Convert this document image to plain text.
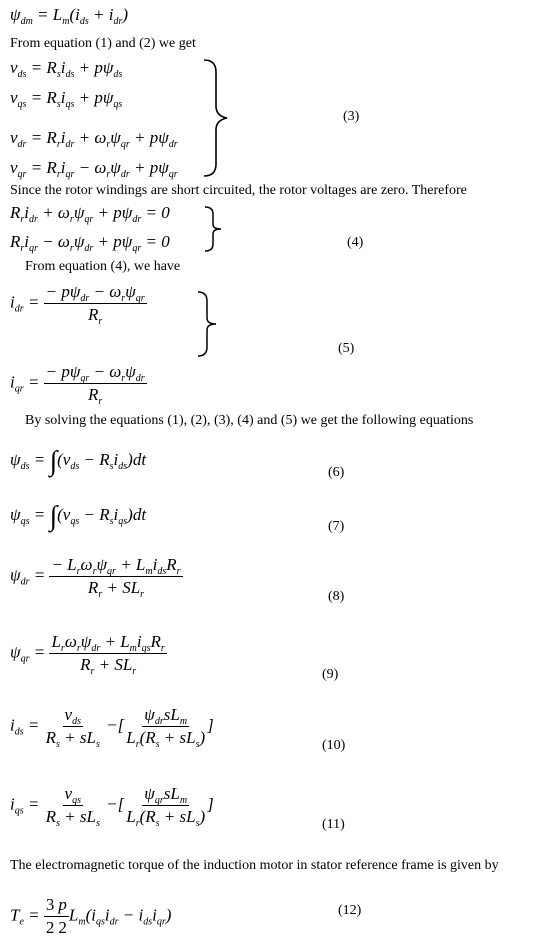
$\psi_{dm} = L_m(i_{ds} + i_{dr})$
From equation (1) and (2) we get
$v_{ds} = R_si_{ds} + p\psi_{ds}$
$v_{qs} = R_si_{qs} + p\psi_{qs}$
$v_{dr} = R_ri_{dr} + \omega_r\psi_{qr} + p\psi_{dr}$
$v_{qr} = R_ri_{qr} - \omega_r\psi_{dr} + p\psi_{qr}$
(3)
Since the rotor windings are short circuited, the rotor voltages are zero. Therefore
$R_ri_{dr} + \omega_r\psi_{qr} + p\psi_{dr} = 0$
$R_ri_{qr} - \omega_r\psi_{dr} + p\psi_{qr} = 0$	(4)
From equation (4), we have
$i_{dr} = \frac{- p\psi_{dr} - \omega_r\psi_{qr}}{R_r}$
$i_{qr} = \frac{- p\psi_{qr} - \omega_r\psi_{dr}}{R_r}$
(5)
By solving the equations (1), (2), (3), (4) and (5) we get the following equations
$\psi_{ds} = \int(v_{ds} - R_si_{ds})dt$
(6)
$\psi_{qs} = \int(v_{qs} - R_si_{qs})dt$
(7)
$\psi_{dr} = \frac{- L_r\omega_r\psi_{qr} + L_mi_{ds}R_r}{R_r + SL_r}$	(8)
$\psi_{qr} = \frac{L_r\omega_r\psi_{dr} + L_mi_{qs}R_r}{R_r + SL_r}$	(9)
$i_{ds} = \frac{v_{ds}}{R_s + sL_s}$ −[ $\frac{\psi_{dr}sL_m}{L_r(R_s + sL_s)}$ ]
(10)
$i_{qs} = \frac{v_{qs}}{R_s + sL_s}$ −[ $\frac{\psi_{qr}sL_m}{L_r(R_s + sL_s)}$ ]
(11)
The electromagnetic torque of the induction motor in stator reference frame is given by
$T_e = \frac{3}{2} \frac{p}{2} L_m(i_{qs}i_{dr} - i_{ds}i_{qr})$	(12)
